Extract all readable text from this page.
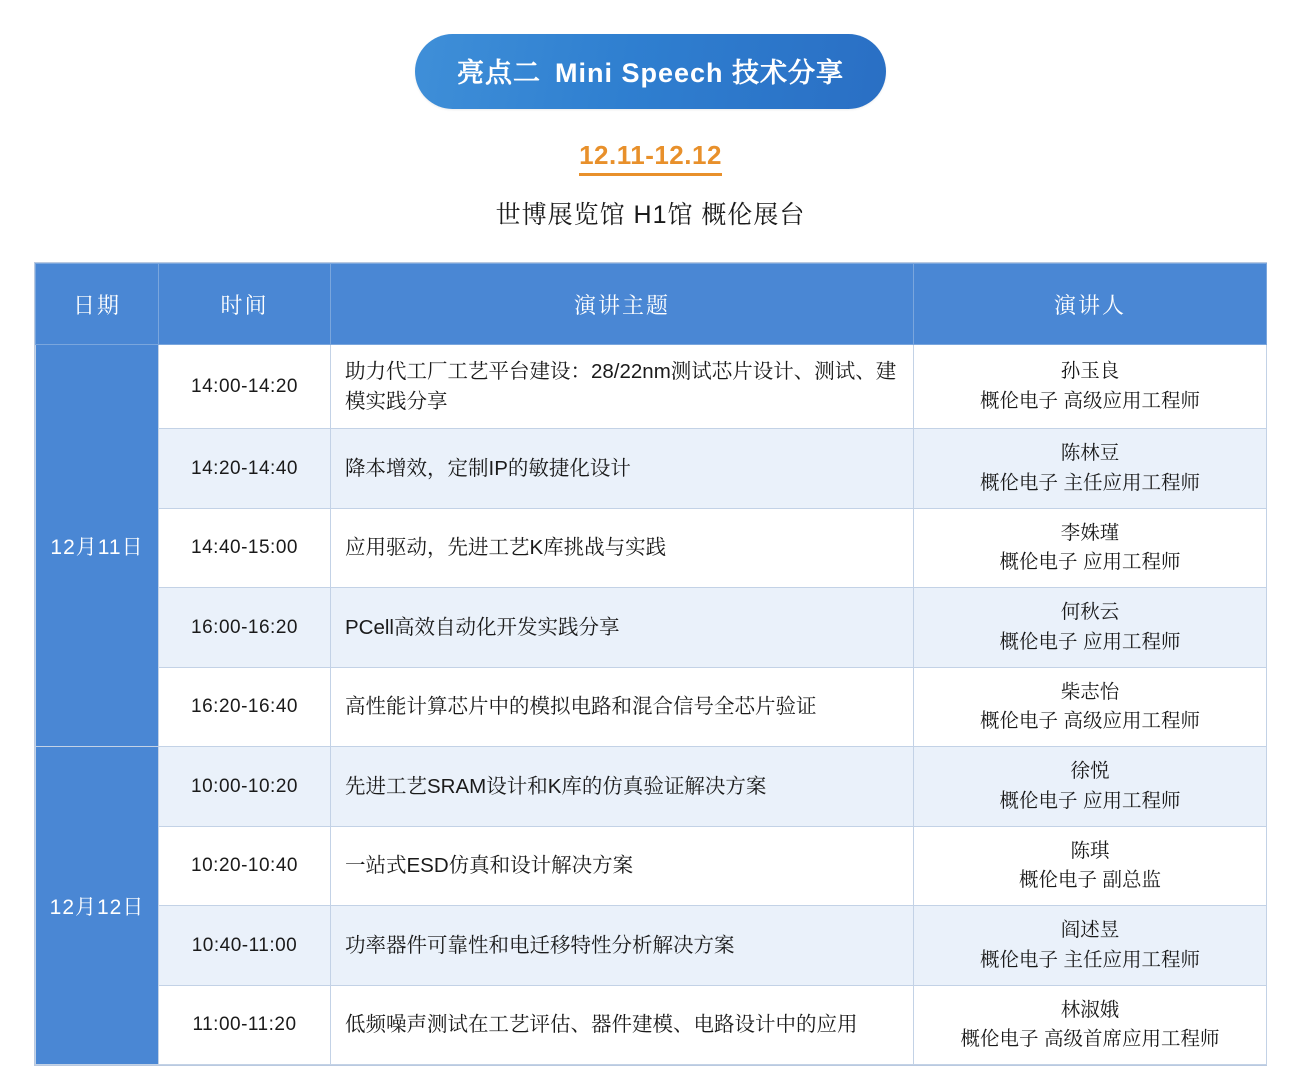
亮点二 Mini Speech 技术分享
12.11-12.12
世博展览馆 H1馆 概伦展台
日期	时间	演讲主题	演讲人
12月11日	14:00-14:20	助力代工厂工艺平台建设：28/22nm测试芯片设计、测试、建模实践分享	孙玉良
概伦电子 高级应用工程师

	14:20-14:40	降本增效，定制IP的敏捷化设计	陈林豆
概伦电子 主任应用工程师

	14:40-15:00	应用驱动，先进工艺K库挑战与实践	李姝瑾
概伦电子 应用工程师

	16:00-16:20	PCell高效自动化开发实践分享	何秋云
概伦电子 应用工程师

	16:20-16:40	高性能计算芯片中的模拟电路和混合信号全芯片验证	柴志怡
概伦电子 高级应用工程师

12月12日	10:00-10:20	先进工艺SRAM设计和K库的仿真验证解决方案	徐悦
概伦电子 应用工程师

	10:20-10:40	一站式ESD仿真和设计解决方案	陈琪
概伦电子 副总监

	10:40-11:00	功率器件可靠性和电迁移特性分析解决方案	阎述昱
概伦电子 主任应用工程师

	11:00-11:20	低频噪声测试在工艺评估、器件建模、电路设计中的应用	林淑娥
概伦电子 高级首席应用工程师
